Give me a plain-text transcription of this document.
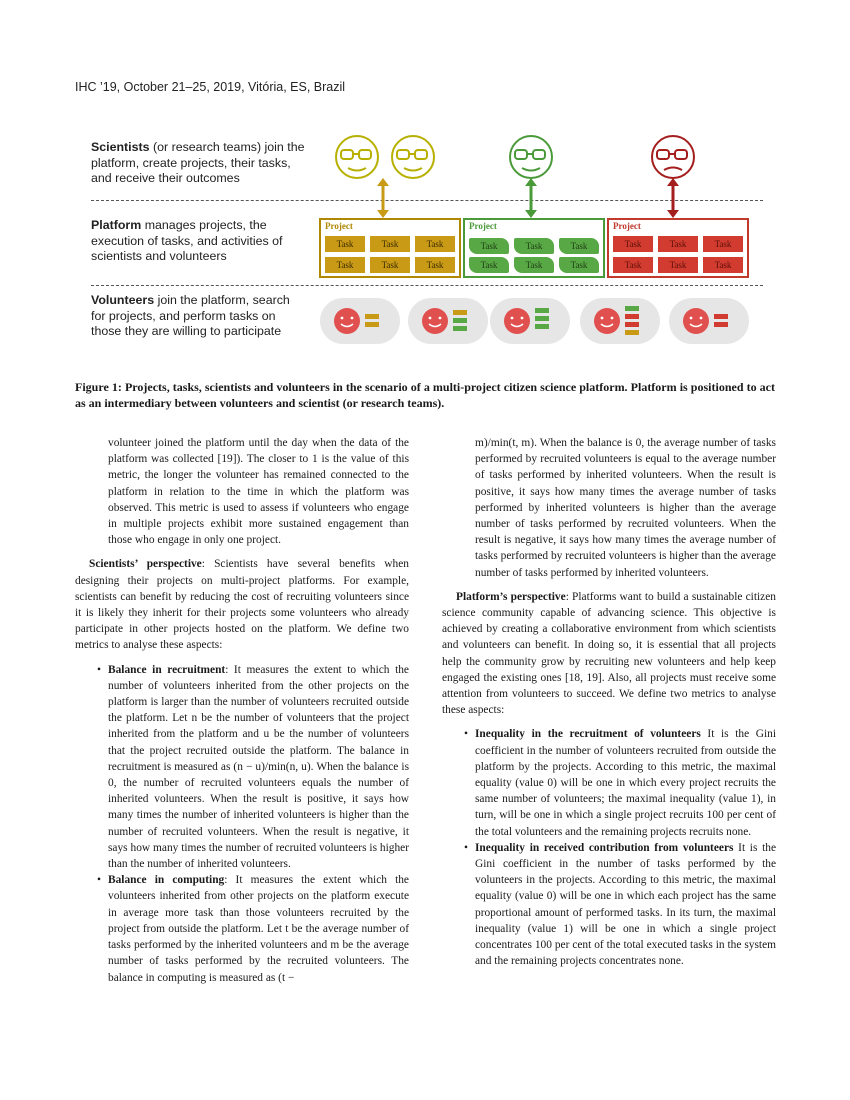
IHC ’19, October 21–25, 2019, Vitória, ES, Brazil
Scientists (or research teams) join the platform, create projects, their tasks, and receive their outcomes
Platform manages projects, the execution of tasks, and activities of scientists and volunteers
Volunteers join the platform, search for projects, and perform tasks on those they are willing to participate
Project
Task	Task	Task
Task	Task	Task
Project
Task	Task	Task
Task	Task	Task
Project
Task	Task	Task
Task	Task	Task
Figure 1: Projects, tasks, scientists and volunteers in the scenario of a multi-project citizen science platform. Platform is positioned to act as an intermediary between volunteers and scientist (or research teams).

volunteer joined the platform until the day when the data of the platform was collected [19]). The closer to 1 is the value of this metric, the longer the volunteer has remained connected to the platform in relation to the time in which the platform was observed. This metric is used to assess if volunteers who engage in multiple projects exhibit more sustained engagement than those who engage in only one project.

Scientists’ perspective: Scientists have several benefits when designing their projects on multi-project platforms. For example, scientists can benefit by reducing the cost of recruiting volunteers since it is likely they inherit for their projects some volunteers who already participate in other projects hosted on the platform. We define two metrics to analyse these aspects:

• Balance in recruitment: It measures the extent to which the number of volunteers inherited from the other projects on the platform is larger than the number of volunteers recruited outside the platform. Let n be the number of volunteers that the project inherited from the platform and u be the number of volunteers that the project recruited outside the platform. The balance in recruitment is measured as (n − u)/min(n, u). When the balance is 0, the number of recruited volunteers equals the number of inherited volunteers. When the result is positive, it says how many times the number of inherited volunteers is higher than the number of recruited volunteers. When the result is negative, it says how many times the number of recruited volunteers is higher than the number of inherited volunteers.
• Balance in computing: It measures the extent which the volunteers inherited from other projects on the platform execute in average more task than those volunteers recruited by the project from outside the platform. Let t be the average number of tasks performed by the inherited volunteers and m be the average number of tasks performed by the recruited volunteers. The balance in computing is measured as (t −

m)/min(t, m). When the balance is 0, the average number of tasks performed by recruited volunteers is equal to the average number of tasks performed by inherited volunteers. When the result is positive, it says how many times the average number of tasks performed by inherited volunteers is higher than the average number of tasks performed by recruited volunteers. When the result is negative, it says how many times the average number of tasks performed by recruited volunteers is higher than the average number of tasks performed by inherited volunteers.

Platform’s perspective: Platforms want to build a sustainable citizen science community capable of advancing science. This objective is achieved by creating a collaborative environment from which scientists and volunteers can benefit. In doing so, it is essential that all projects help the community grow by recruiting new volunteers and help keep engaged the existing ones [18, 19]. Also, all projects must receive some attention from volunteers to succeed. We define two metrics to analyse these aspects:

• Inequality in the recruitment of volunteers It is the Gini coefficient in the number of volunteers recruited from outside the platform by the projects. According to this metric, the maximal equality (value 0) will be one in which every project recruits the same number of volunteers; the maximal inequality (value 1), in turn, will be one in which a single project recruits 100 per cent of the total volunteers and the remaining projects recruits none.
• Inequality in received contribution from volunteers It is the Gini coefficient in the number of tasks performed by the volunteers in the projects. According to this metric, the maximal equality (value 0) will be one in which each project has the same proportional amount of performed tasks. In its turn, the maximal inequality (value 1) will be one in which a single project concentrates 100 per cent of the total executed tasks in the system and the remaining projects concentrates none.
